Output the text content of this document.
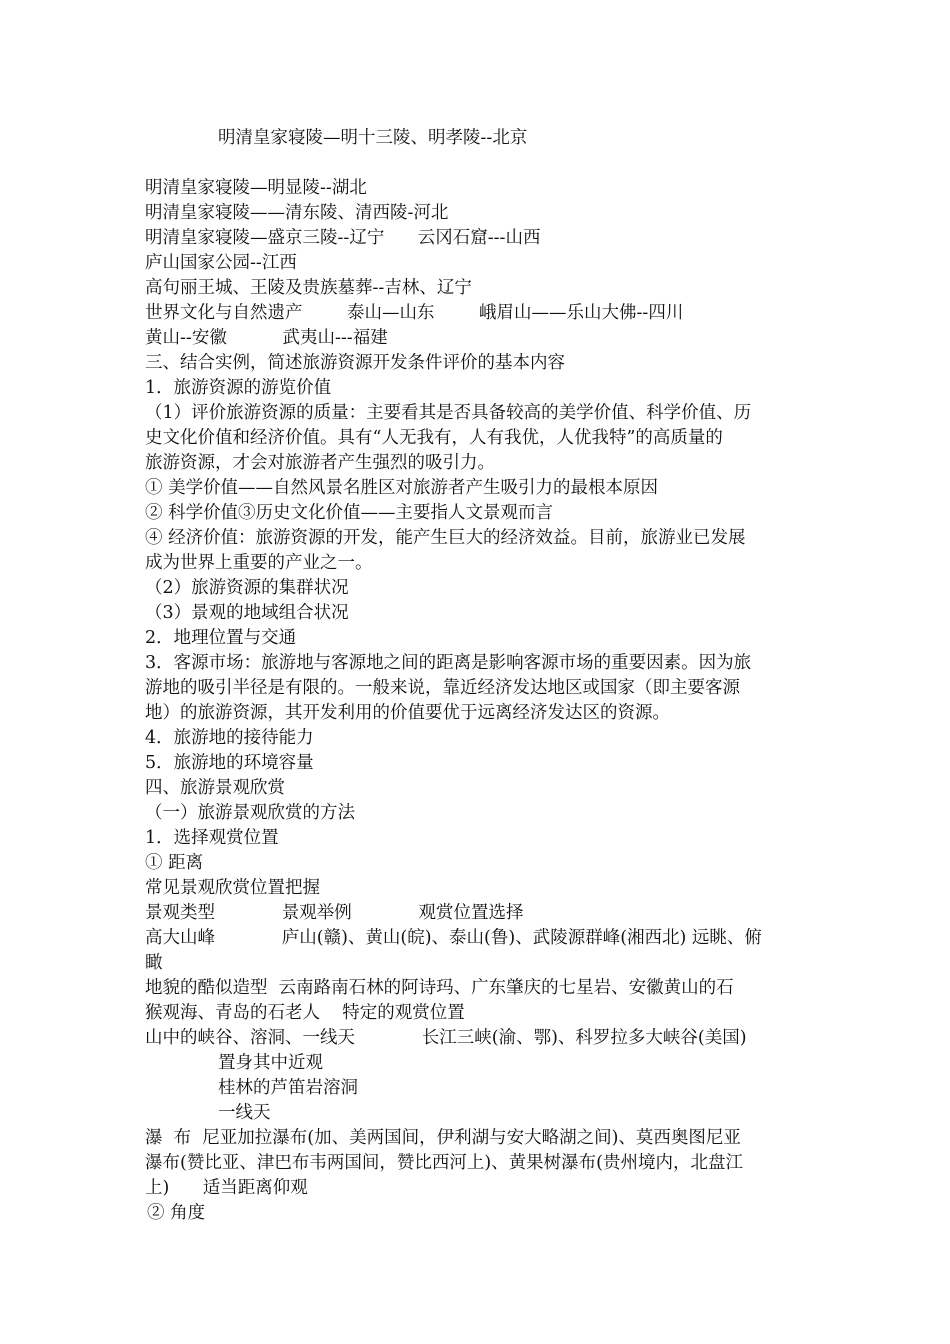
明清皇家寝陵—明十三陵、明孝陵--北京

明清皇家寝陵—明显陵--湖北

明清皇家寝陵——清东陵、清西陵-河北

明清皇家寝陵—盛京三陵--辽宁      云冈石窟---山西

庐山国家公园--江西

高句丽王城、王陵及贵族墓葬--吉林、辽宁

世界文化与自然遗产        泰山—山东        峨眉山——乐山大佛--四川

黄山--安徽          武夷山---福建

三、结合实例，简述旅游资源开发条件评价的基本内容

1．旅游资源的游览价值

（1）评价旅游资源的质量：主要看其是否具备较高的美学价值、科学价值、历

史文化价值和经济价值。具有“人无我有，人有我优，人优我特”的高质量的

旅游资源，才会对旅游者产生强烈的吸引力。

① 美学价值——自然风景名胜区对旅游者产生吸引力的最根本原因

② 科学价值③历史文化价值——主要指人文景观而言

④ 经济价值：旅游资源的开发，能产生巨大的经济效益。目前，旅游业已发展

成为世界上重要的产业之一。

（2）旅游资源的集群状况

（3）景观的地域组合状况

2．地理位置与交通

3．客源市场：旅游地与客源地之间的距离是影响客源市场的重要因素。因为旅

游地的吸引半径是有限的。一般来说，靠近经济发达地区或国家（即主要客源

地）的旅游资源，其开发利用的价值要优于远离经济发达区的资源。

4．旅游地的接待能力

5．旅游地的环境容量

四、旅游景观欣赏

（一）旅游景观欣赏的方法

1．选择观赏位置

① 距离

常见景观欣赏位置把握

景观类型            景观举例            观赏位置选择

高大山峰            庐山(赣)、黄山(皖)、泰山(鲁)、武陵源群峰(湘西北) 远眺、俯

瞰

地貌的酷似造型  云南路南石林的阿诗玛、广东肇庆的七星岩、安徽黄山的石

猴观海、青岛的石老人    特定的观赏位置

山中的峡谷、溶洞、一线天            长江三峡(渝、鄂)、科罗拉多大峡谷(美国)

置身其中近观

桂林的芦笛岩溶洞

一线天

瀑  布  尼亚加拉瀑布(加、美两国间，伊利湖与安大略湖之间)、莫西奥图尼亚

瀑布(赞比亚、津巴布韦两国间，赞比西河上)、黄果树瀑布(贵州境内，北盘江

上)      适当距离仰观

② 角度
